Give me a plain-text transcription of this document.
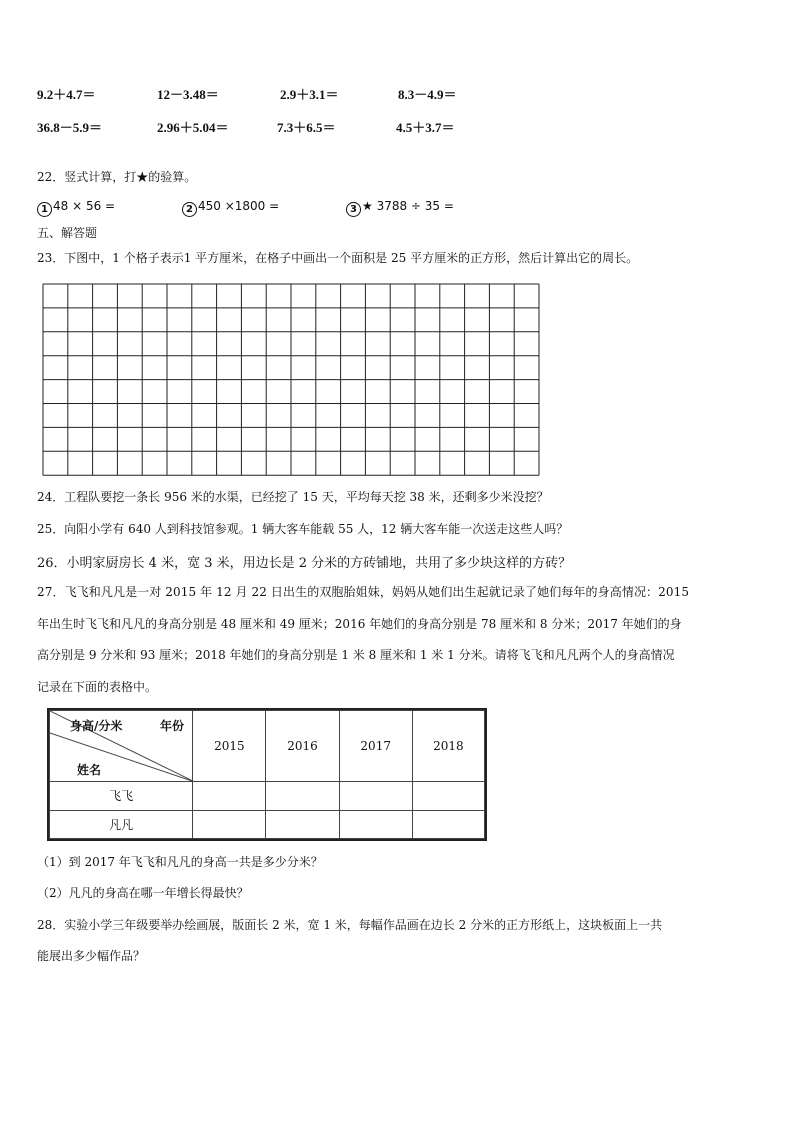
9.2＋4.7＝	12－3.48＝	2.9＋3.1＝	8.3－4.9＝
36.8－5.9＝	2.96＋5.04＝	7.3＋6.5＝	4.5＋3.7＝
22．竖式计算，打★的验算。
1 48 × 56 =	2 450 ×1800 =	3 ★ 3788 ÷ 35 =
五、解答题
23．下图中，1 个格子表示1 平方厘米，在格子中画出一个面积是 25 平方厘米的正方形，然后计算出它的周长。
24．工程队要挖一条长 956 米的水渠，已经挖了 15 天，平均每天挖 38 米，还剩多少米没挖？
25．向阳小学有 640 人到科技馆参观。1 辆大客车能载 55 人，12 辆大客车能一次送走这些人吗？
26．小明家厨房长 4 米，宽 3 米，用边长是 2 分米的方砖铺地，共用了多少块这样的方砖？
27．飞飞和凡凡是一对 2015 年 12 月 22 日出生的双胞胎姐妹，妈妈从她们出生起就记录了她们每年的身高情况：2015
年出生时飞飞和凡凡的身高分别是 48 厘米和 49 厘米；2016 年她们的身高分别是 78 厘米和 8 分米；2017 年她们的身
高分别是 9 分米和 93 厘米；2018 年她们的身高分别是 1 米 8 厘米和 1 米 1 分米。请将飞飞和凡凡两个人的身高情况
记录在下面的表格中。
身高/分米 年份
姓名	2015	2016	2017	2018
飞飞				
凡凡				
（1）到 2017 年飞飞和凡凡的身高一共是多少分米？
（2）凡凡的身高在哪一年增长得最快？
28．实验小学三年级要举办绘画展，版面长 2 米，宽 1 米，每幅作品画在边长 2 分米的正方形纸上，这块板面上一共
能展出多少幅作品？
